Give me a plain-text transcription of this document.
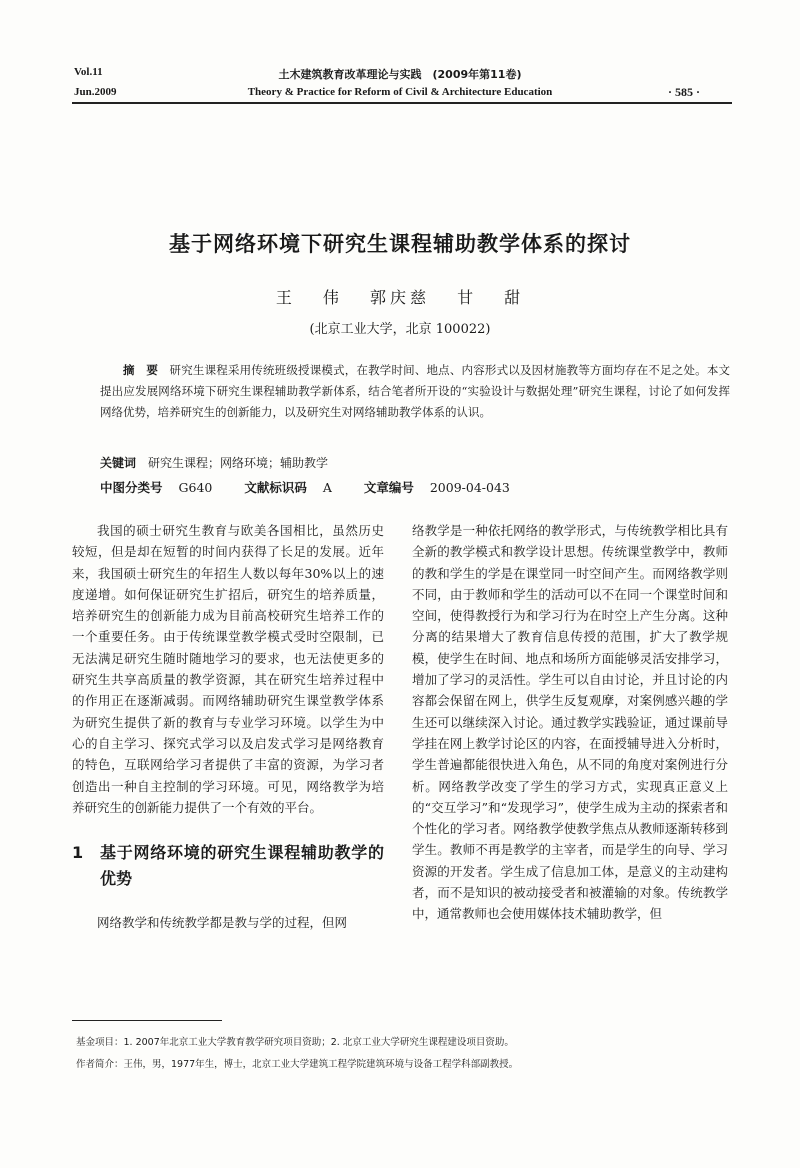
Vol.11
Jun.2009
土木建筑教育改革理论与实践　(2009年第11卷)
Theory & Practice for Reform of Civil & Architecture Education	· 585 ·
基于网络环境下研究生课程辅助教学体系的探讨
王 伟 郭庆慈 甘 甜
(北京工业大学，北京 100022)
摘　要 研究生课程采用传统班级授课模式，在教学时间、地点、内容形式以及因材施教等方面均存在不足之处。本文提出应发展网络环境下研究生课程辅助教学新体系，结合笔者所开设的“实验设计与数据处理”研究生课程，讨论了如何发挥网络优势，培养研究生的创新能力，以及研究生对网络辅助教学体系的认识。
关键词 研究生课程；网络环境；辅助教学
中图分类号 G640	文献标识码 A	文章编号 2009-04-043

我国的硕士研究生教育与欧美各国相比，虽然历史较短，但是却在短暂的时间内获得了长足的发展。近年来，我国硕士研究生的年招生人数以每年30%以上的速度递增。如何保证研究生扩招后，研究生的培养质量，培养研究生的创新能力成为目前高校研究生培养工作的一个重要任务。由于传统课堂教学模式受时空限制，已无法满足研究生随时随地学习的要求，也无法使更多的研究生共享高质量的教学资源，其在研究生培养过程中的作用正在逐渐减弱。而网络辅助研究生课堂教学体系为研究生提供了新的教育与专业学习环境。以学生为中心的自主学习、探究式学习以及启发式学习是网络教育的特色，互联网给学习者提供了丰富的资源，为学习者创造出一种自主控制的学习环境。可见，网络教学为培养研究生的创新能力提供了一个有效的平台。

1	基于网络环境的研究生课程辅助教学的优势

网络教学和传统教学都是教与学的过程，但网

络教学是一种依托网络的教学形式，与传统教学相比具有全新的教学模式和教学设计思想。传统课堂教学中，教师的教和学生的学是在课堂同一时空间产生。而网络教学则不同，由于教师和学生的活动可以不在同一个课堂时间和空间，使得教授行为和学习行为在时空上产生分离。这种分离的结果增大了教育信息传授的范围，扩大了教学规模，使学生在时间、地点和场所方面能够灵活安排学习，增加了学习的灵活性。学生可以自由讨论，并且讨论的内容都会保留在网上，供学生反复观摩，对案例感兴趣的学生还可以继续深入讨论。通过教学实践验证，通过课前导学挂在网上教学讨论区的内容，在面授辅导进入分析时，学生普遍都能很快进入角色，从不同的角度对案例进行分析。网络教学改变了学生的学习方式，实现真正意义上的“交互学习”和“发现学习”，使学生成为主动的探索者和个性化的学习者。网络教学使教学焦点从教师逐渐转移到学生。教师不再是教学的主宰者，而是学生的向导、学习资源的开发者。学生成了信息加工体，是意义的主动建构者，而不是知识的被动接受者和被灌输的对象。传统教学中，通常教师也会使用媒体技术辅助教学，但

基金项目：1. 2007年北京工业大学教育教学研究项目资助；2. 北京工业大学研究生课程建设项目资助。
作者简介：王伟，男，1977年生，博士，北京工业大学建筑工程学院建筑环境与设备工程学科部副教授。
